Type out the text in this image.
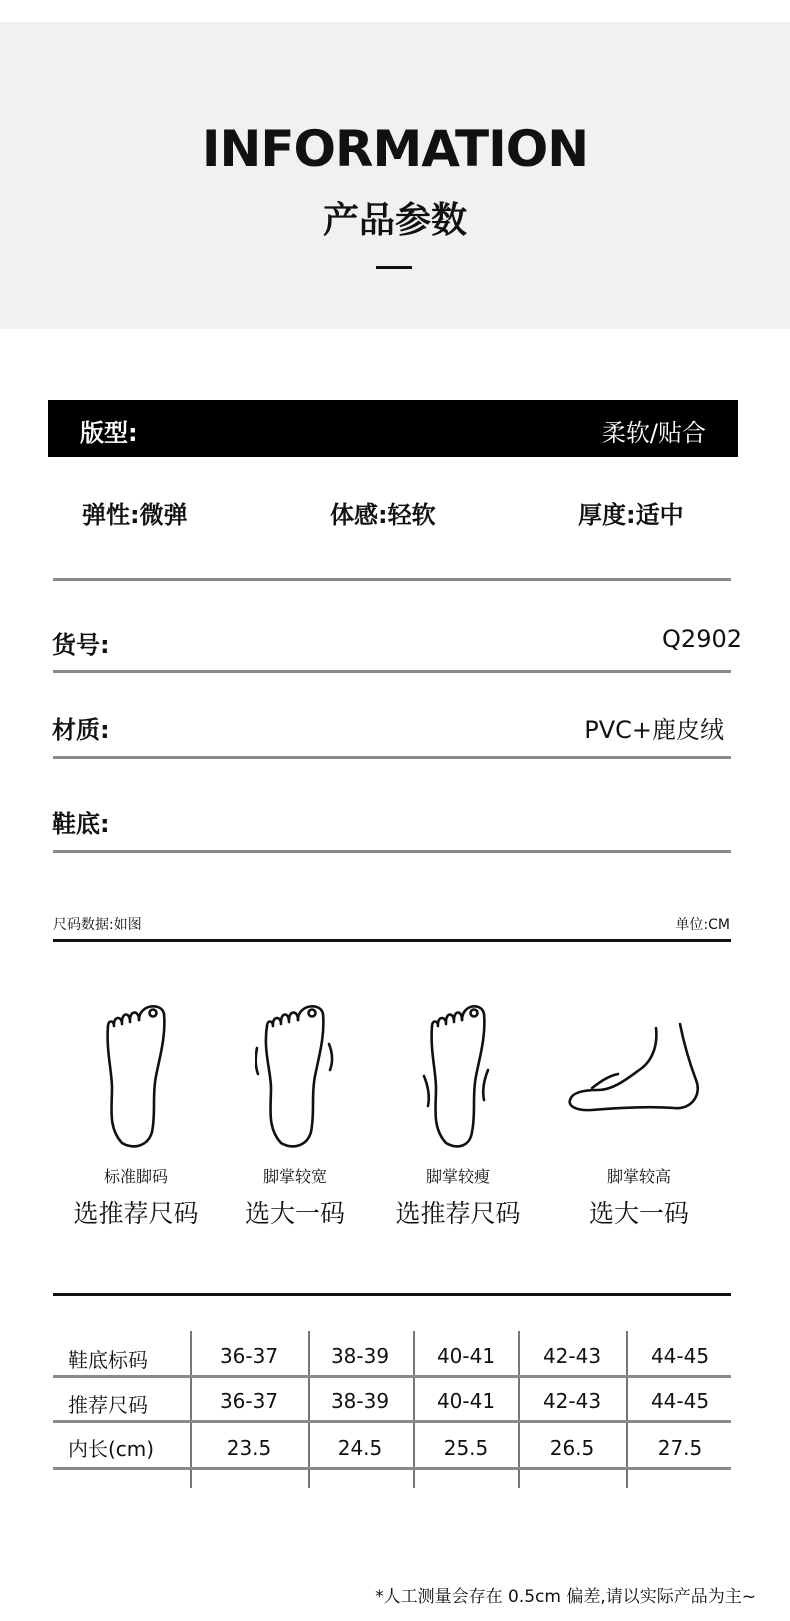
INFORMATION
产品参数
版型:	柔软/贴合
弹性:微弹	体感:轻软	厚度:适中
货号:	Q2902
材质:	PVC+鹿皮绒
鞋底:
尺码数据:如图	单位:CM
标准脚码	脚掌较宽	脚掌较瘦	脚掌较高
选推荐尺码	选大一码	选推荐尺码	选大一码
鞋底标码	36-37	38-39	40-41	42-43	44-45
推荐尺码	36-37	38-39	40-41	42-43	44-45
内长(cm)	23.5	24.5	25.5	26.5	27.5
*人工测量会存在 0.5cm 偏差,请以实际产品为主~
